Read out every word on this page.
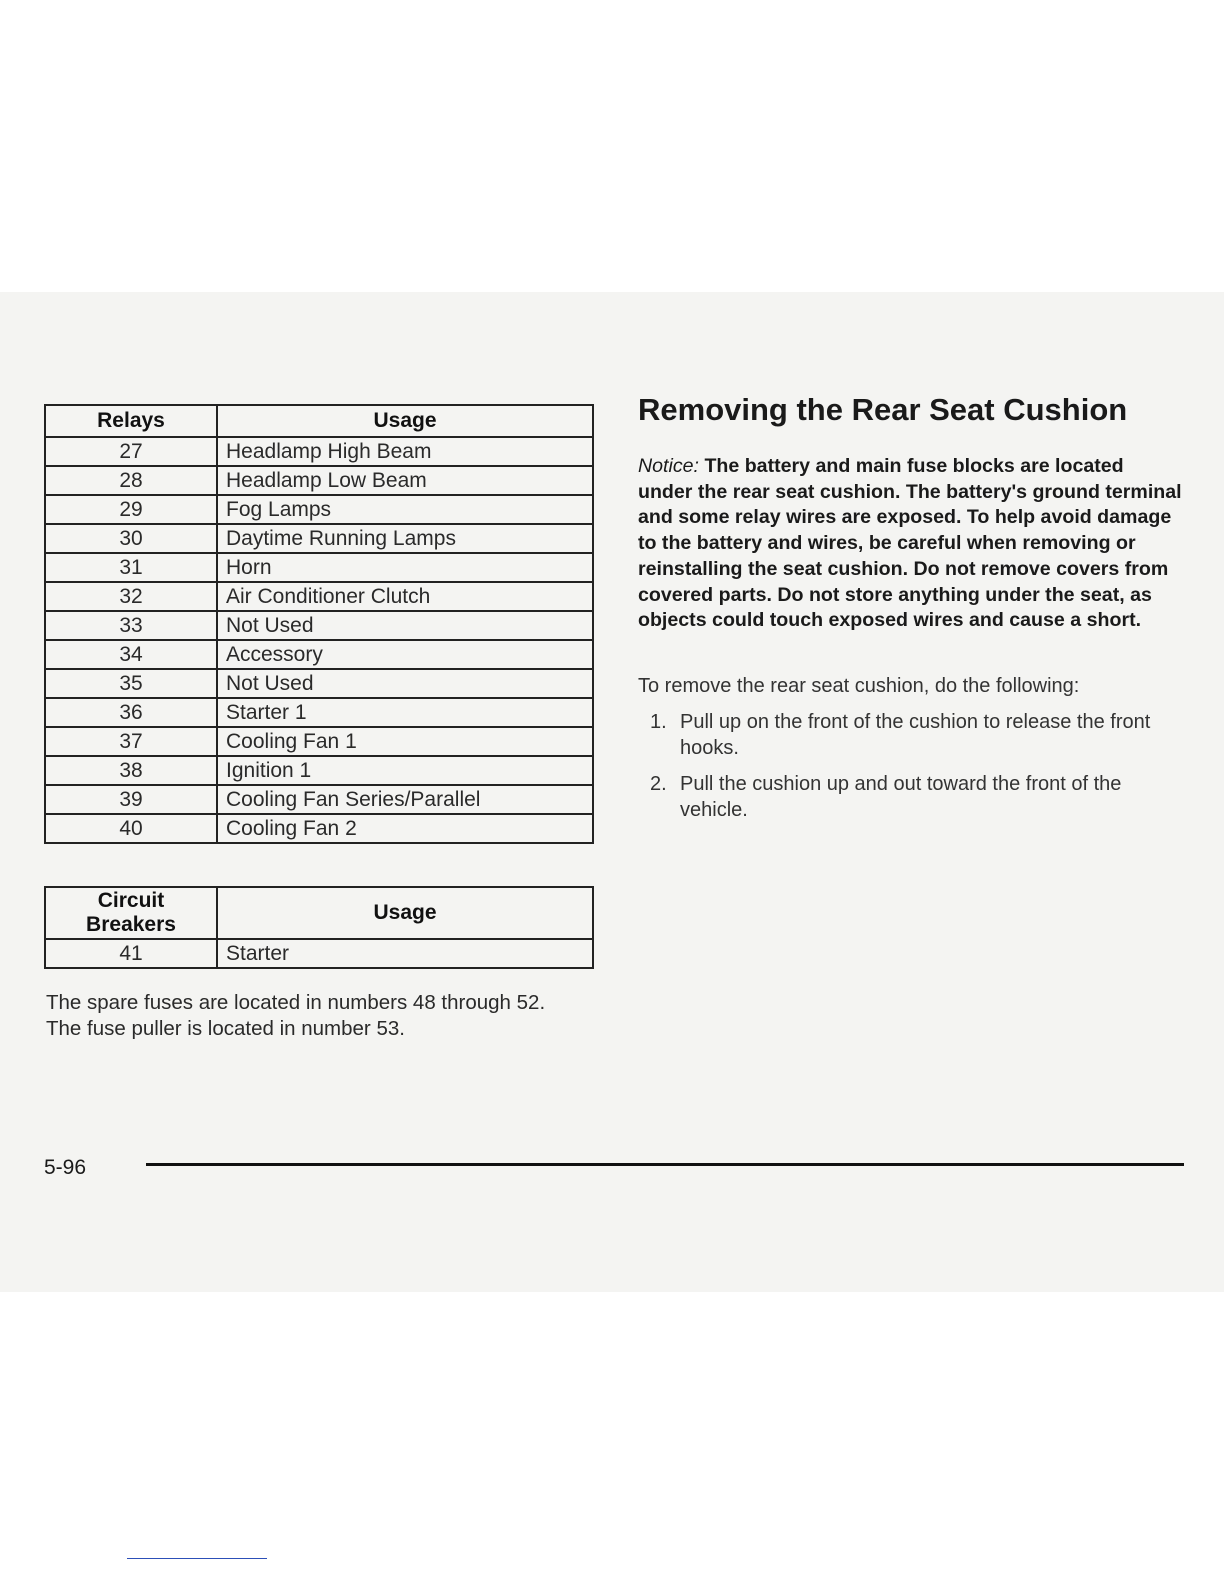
Relays	Usage
27	Headlamp High Beam
28	Headlamp Low Beam
29	Fog Lamps
30	Daytime Running Lamps
31	Horn
32	Air Conditioner Clutch
33	Not Used
34	Accessory
35	Not Used
36	Starter 1
37	Cooling Fan 1
38	Ignition 1
39	Cooling Fan Series/Parallel
40	Cooling Fan 2
Circuit
Breakers	Usage
41	Starter

The spare fuses are located in numbers 48 through 52.

The fuse puller is located in number 53.

Removing the Rear Seat Cushion

Notice: The battery and main fuse blocks are located under the rear seat cushion. The battery's ground terminal and some relay wires are exposed. To help avoid damage to the battery and wires, be careful when removing or reinstalling the seat cushion. Do not remove covers from covered parts. Do not store anything under the seat, as objects could touch exposed wires and cause a short.

To remove the rear seat cushion, do the following:

1. Pull up on the front of the cushion to release the front hooks.
2. Pull the cushion up and out toward the front of the vehicle.
5-96
